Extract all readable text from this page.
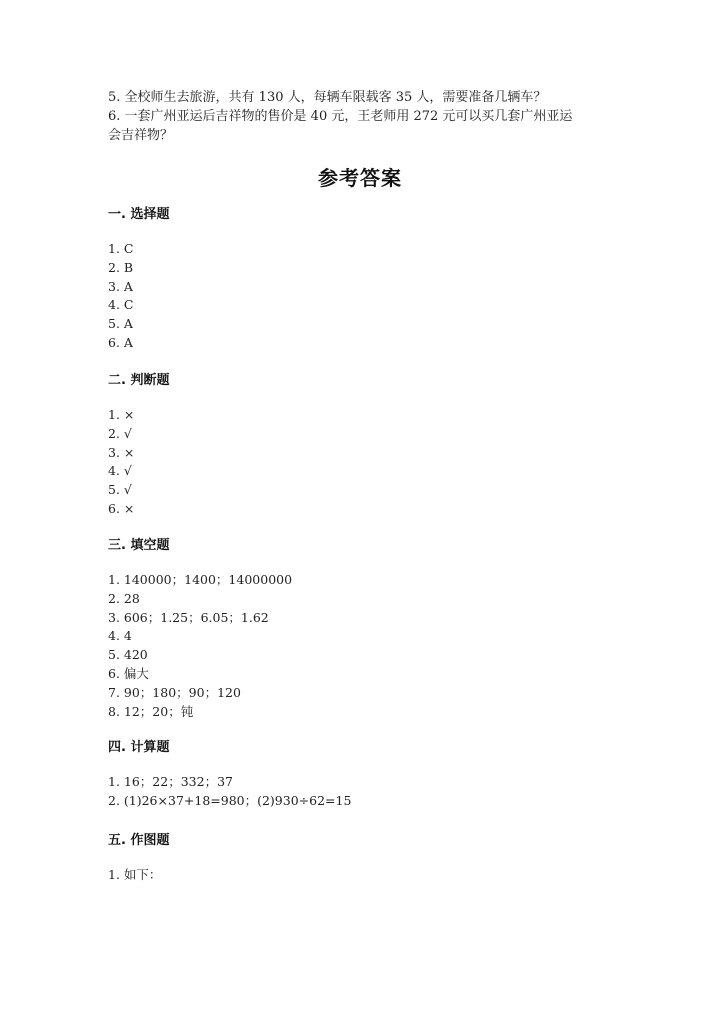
5. 全校师生去旅游，共有 130 人，每辆车限载客 35 人，需要准备几辆车？

6. 一套广州亚运后吉祥物的售价是 40 元，王老师用 272 元可以买几套广州亚运

会吉祥物？

参考答案
一. 选择题
1. C
2. B
3. A
4. C
5. A
6. A
二. 判断题
1. ×
2. √
3. ×
4. √
5. √
6. ×
三. 填空题
1. 140000；1400；14000000
2. 28
3. 606；1.25；6.05；1.62
4. 4
5. 420
6. 偏大
7. 90；180；90；120
8. 12；20；钝
四. 计算题
1. 16；22；332；37
2. (1)26×37+18=980；(2)930÷62=15
五. 作图题
1. 如下：
